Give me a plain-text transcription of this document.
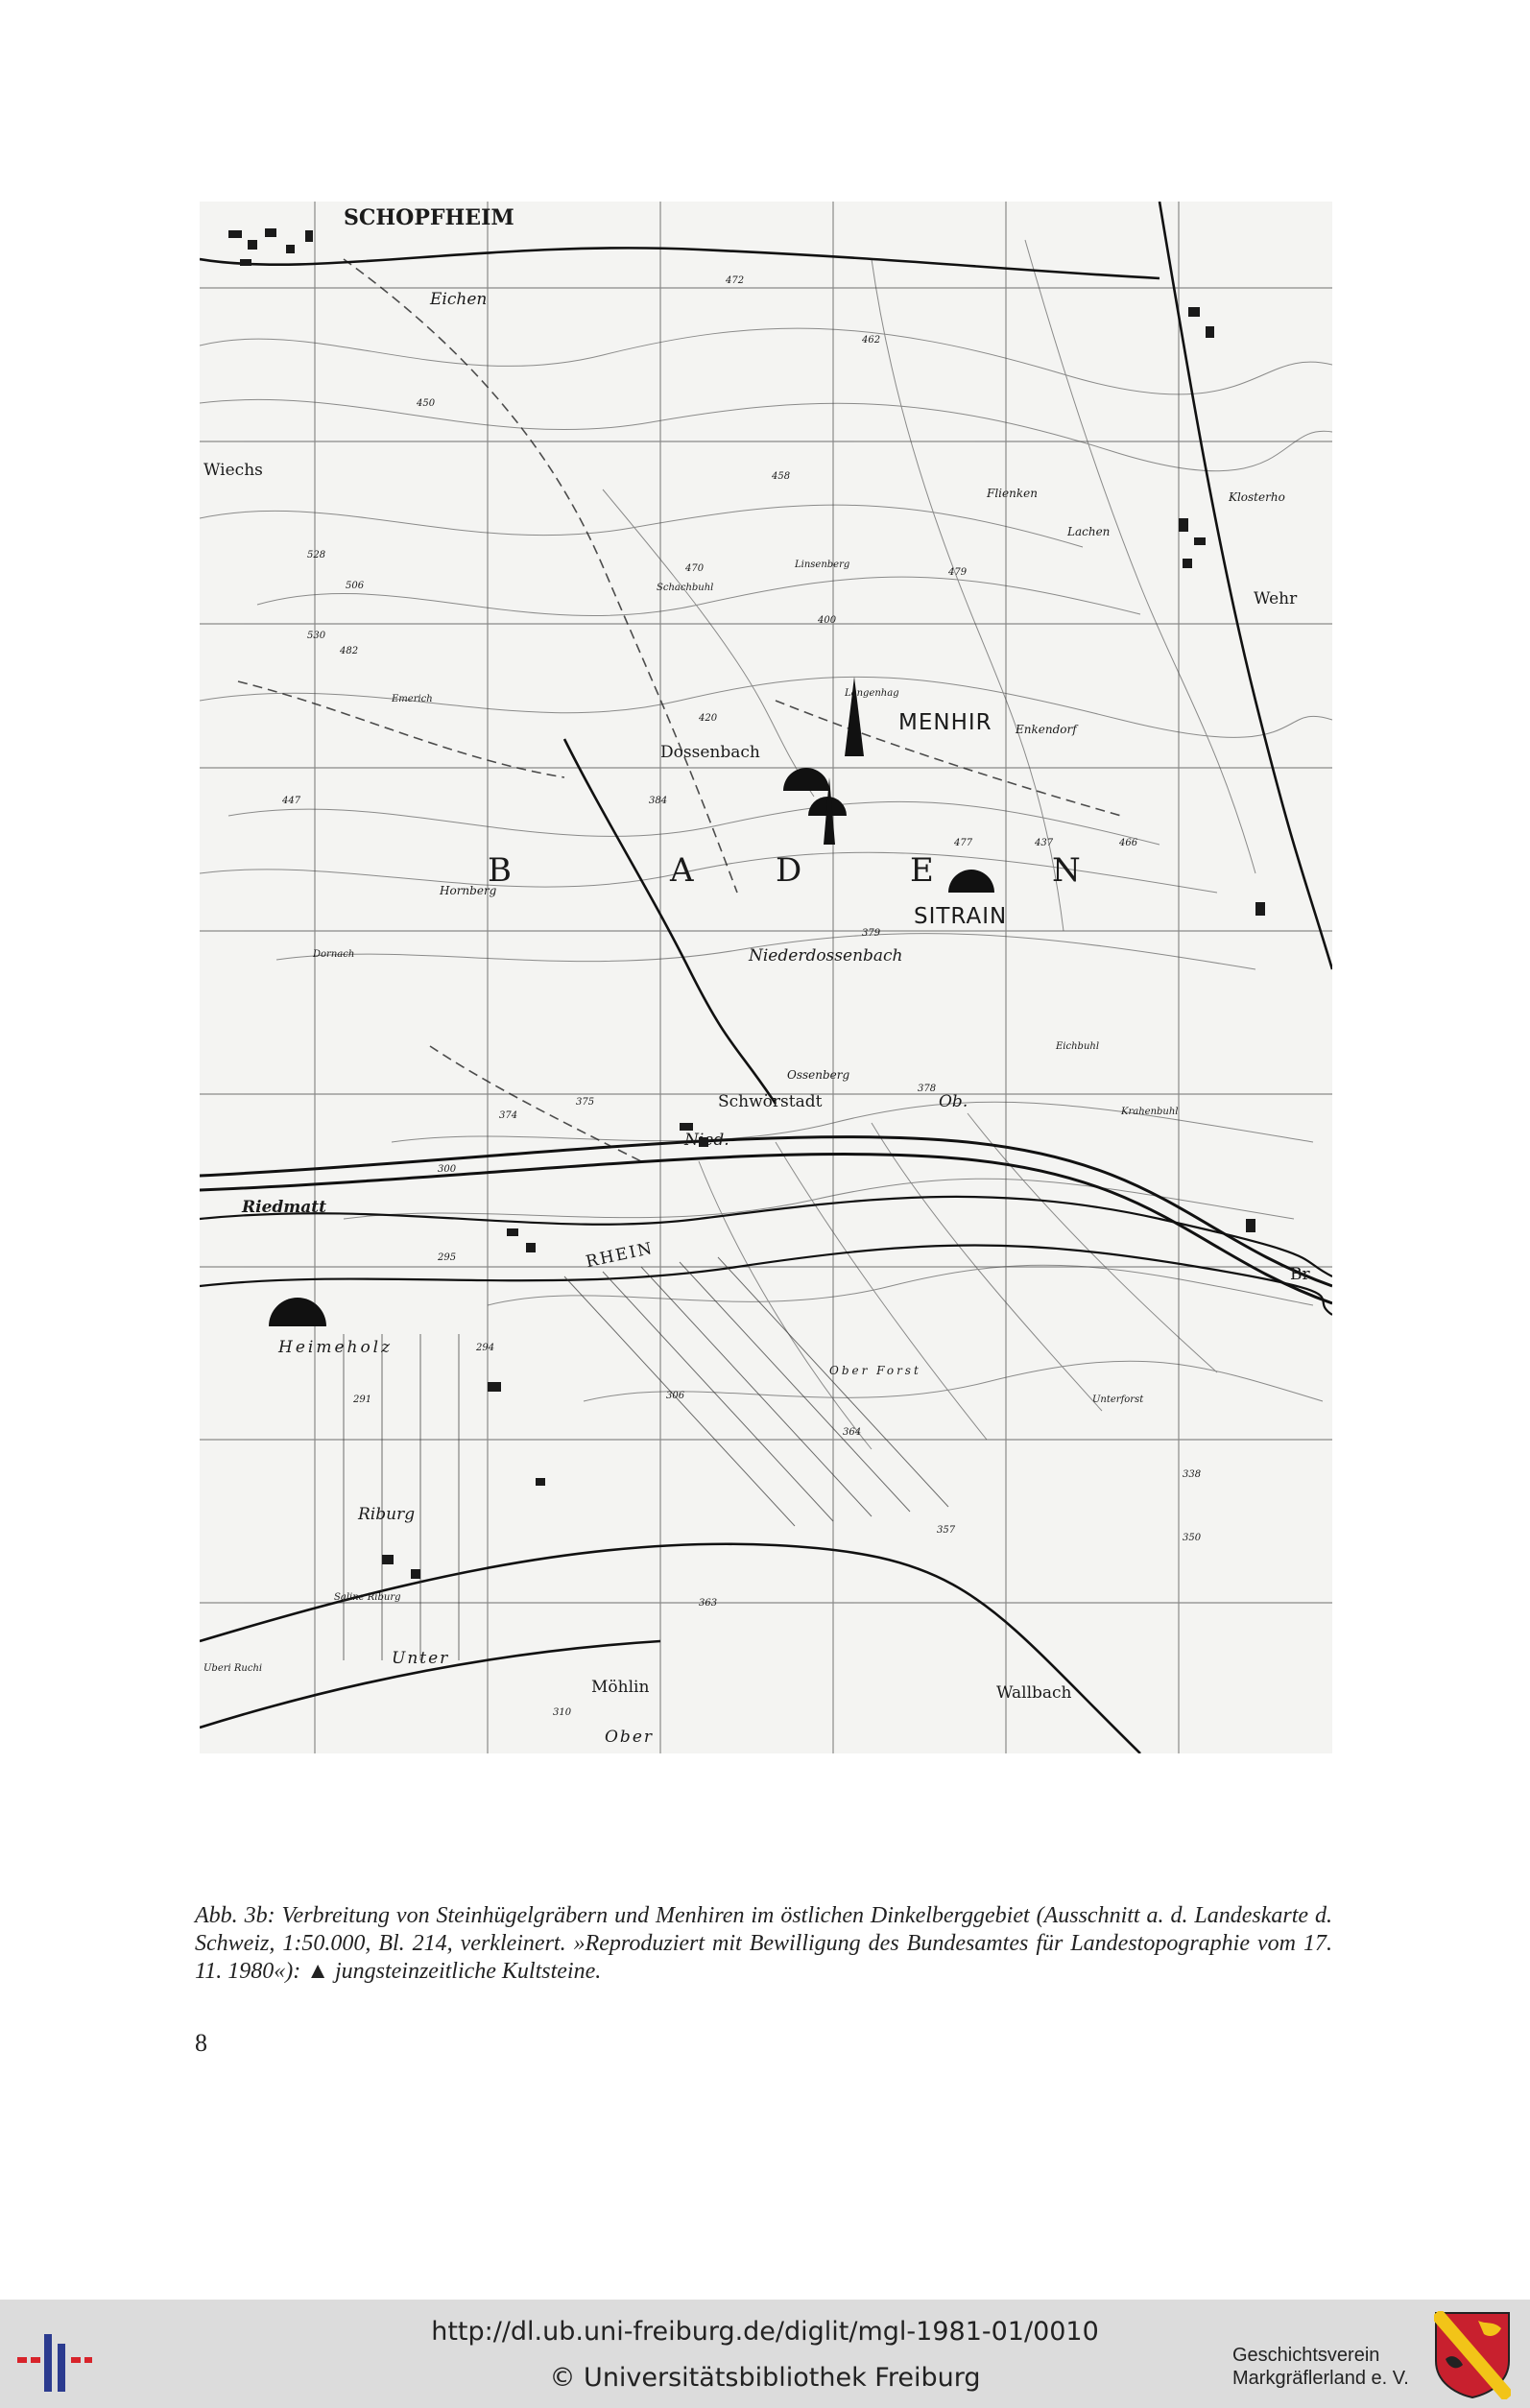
SCHOPFHEIM
Eichen
Wiechs
Dossenbach
Niederdossenbach
Schwörstadt	Ob.
Nied.
Riedmatt
RHEIN
Heimeholz
Riburg
Unter
Möhlin
Ober
Wallbach
Flienken
Lachen
Klosterho
Wehr
Enkendorf
Hornberg
Dornach
Ossenberg
Eichbuhl
Krahenbuhl
Ober Forst
Unterforst
Saline Riburg
Uberi Ruchi
Langenhag
Linsenberg
Schachbuhl
Emerich
Br
B	A	D	E	N
MENHIR
SITRAIN
472
470
462
458
450
447
437
420
400
384
379
378
375
374
300
295
294
291
530
528
506
482
479
477	466
364
363
357
350
338
310
306
Abb. 3b: Verbreitung von Steinhügelgräbern und Menhiren im östlichen Dinkelberggebiet (Ausschnitt a. d. Landeskarte d. Schweiz, 1:50.000, Bl. 214, verkleinert. »Reproduziert mit Bewilligung des Bundesamtes für Landestopographie vom 17. 11. 1980«): ▲ jungsteinzeitliche Kultsteine.
8
http://dl.ub.uni-freiburg.de/diglit/mgl-1981-01/0010
© Universitätsbibliothek Freiburg
Geschichtsverein
Markgräflerland e. V.
